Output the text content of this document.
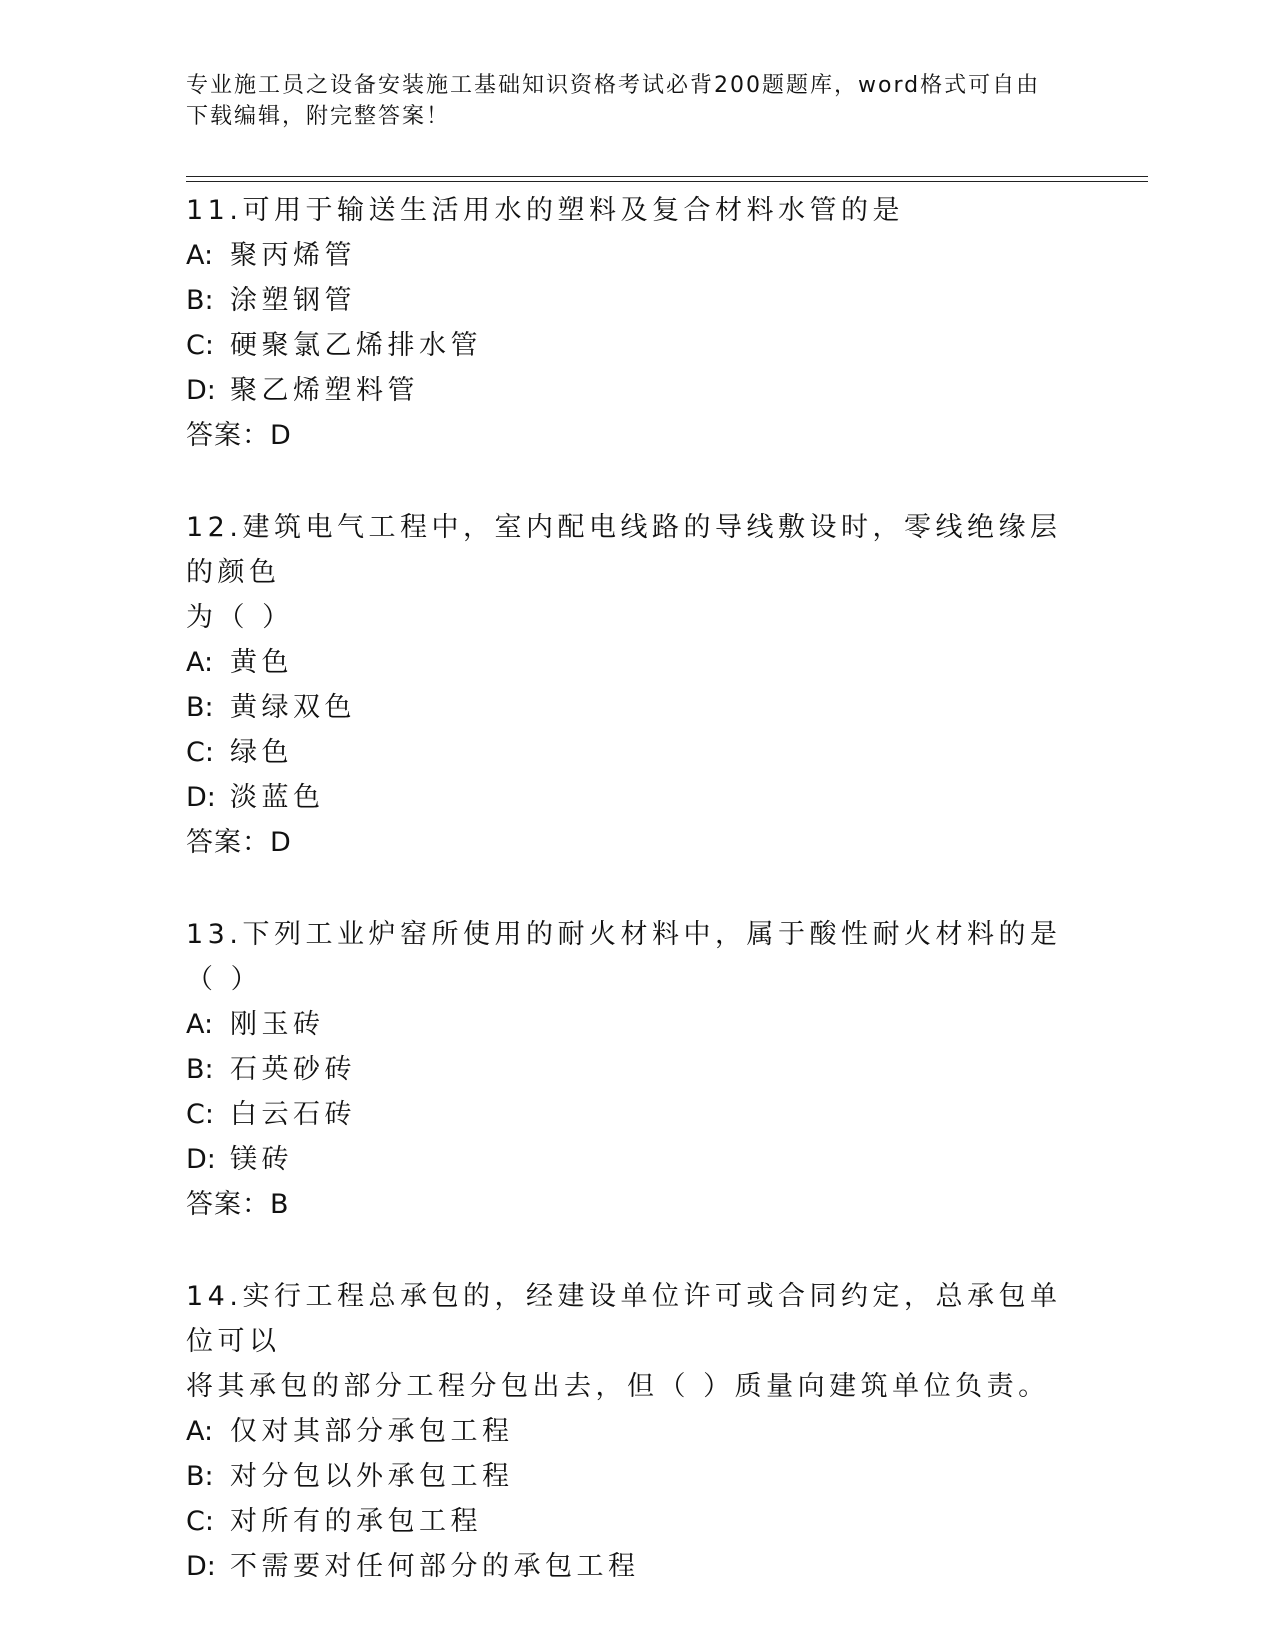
专业施工员之设备安装施工基础知识资格考试必背200题题库，word格式可自由
下载编辑，附完整答案！
11.可用于输送生活用水的塑料及复合材料水管的是
A: 聚丙烯管
B: 涂塑钢管
C: 硬聚氯乙烯排水管
D: 聚乙烯塑料管
答案：D
12.建筑电气工程中，室内配电线路的导线敷设时，零线绝缘层的颜色
为（ ）
A: 黄色
B: 黄绿双色
C: 绿色
D: 淡蓝色
答案：D
13.下列工业炉窑所使用的耐火材料中，属于酸性耐火材料的是（ ）
A: 刚玉砖
B: 石英砂砖
C: 白云石砖
D: 镁砖
答案：B
14.实行工程总承包的，经建设单位许可或合同约定，总承包单位可以
将其承包的部分工程分包出去，但（ ）质量向建筑单位负责。
A: 仅对其部分承包工程
B: 对分包以外承包工程
C: 对所有的承包工程
D: 不需要对任何部分的承包工程
